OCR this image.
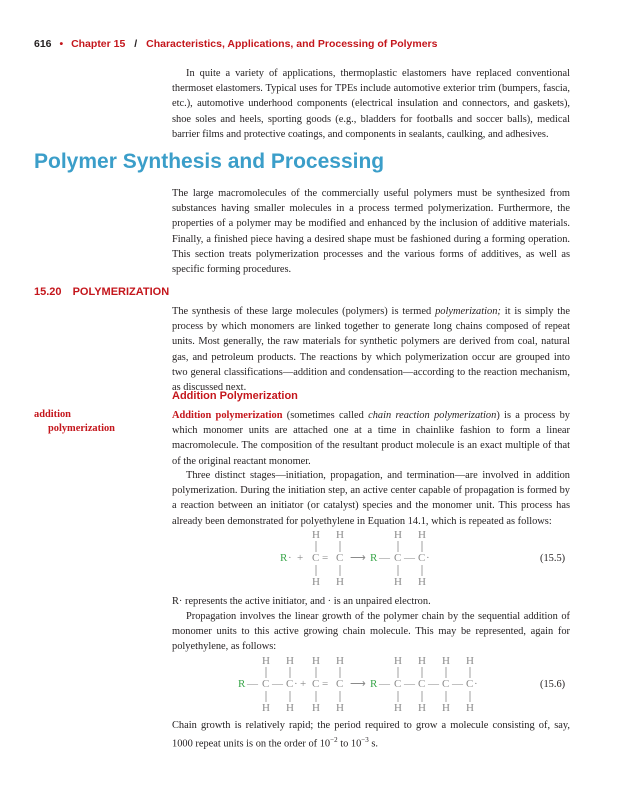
616 • Chapter 15 / Characteristics, Applications, and Processing of Polymers

In quite a variety of applications, thermoplastic elastomers have replaced conventional thermoset elastomers. Typical uses for TPEs include automotive exterior trim (bumpers, fascia, etc.), automotive underhood components (electrical insulation and connectors, and gaskets), shoe soles and heels, sporting goods (e.g., bladders for footballs and soccer balls), medical barrier films and protective coatings, and components in sealants, caulking, and adhesives.

Polymer Synthesis and Processing

The large macromolecules of the commercially useful polymers must be synthesized from substances having smaller molecules in a process termed polymerization. Furthermore, the properties of a polymer may be modified and enhanced by the inclusion of additive materials. Finally, a finished piece having a desired shape must be fashioned during a forming operation. This section treats polymerization processes and the various forms of additives, as well as specific forming procedures.

15.20 POLYMERIZATION

The synthesis of these large molecules (polymers) is termed polymerization; it is simply the process by which monomers are linked together to generate long chains composed of repeat units. Most generally, the raw materials for synthetic polymers are derived from coal, natural gas, and petroleum products. The reactions by which polymerization occur are grouped into two general classifications—addition and condensation—according to the reaction mechanism, as discussed next.

Addition Polymerization
addition
polymerization

Addition polymerization (sometimes called chain reaction polymerization) is a process by which monomer units are attached one at a time in chainlike fashion to form a linear macromolecule. The composition of the resultant product molecule is an exact multiple of that of the original reactant monomer.

Three distinct stages—initiation, propagation, and termination—are involved in addition polymerization. During the initiation step, an active center capable of propagation is formed by a reaction between an initiator (or catalyst) species and the monomer unit. This process has already been demonstrated for polyethylene in Equation 14.1, which is repeated as follows:

H H
R · + C = C
H H
⟶
H H
R — C — C ·
H H
(15.5)

R· represents the active initiator, and · is an unpaired electron.

Propagation involves the linear growth of the polymer chain by the sequential addition of monomer units to this active growing chain molecule. This may be represented, again for polyethylene, as follows:

H H H H
R — C — C · + C = C
H H H H
⟶
H H H H
R — C — C — C — C ·
H H H H
(15.6)

Chain growth is relatively rapid; the period required to grow a molecule consisting of, say, 1000 repeat units is on the order of $10^{-2}$ to $10^{-3}$ s.
